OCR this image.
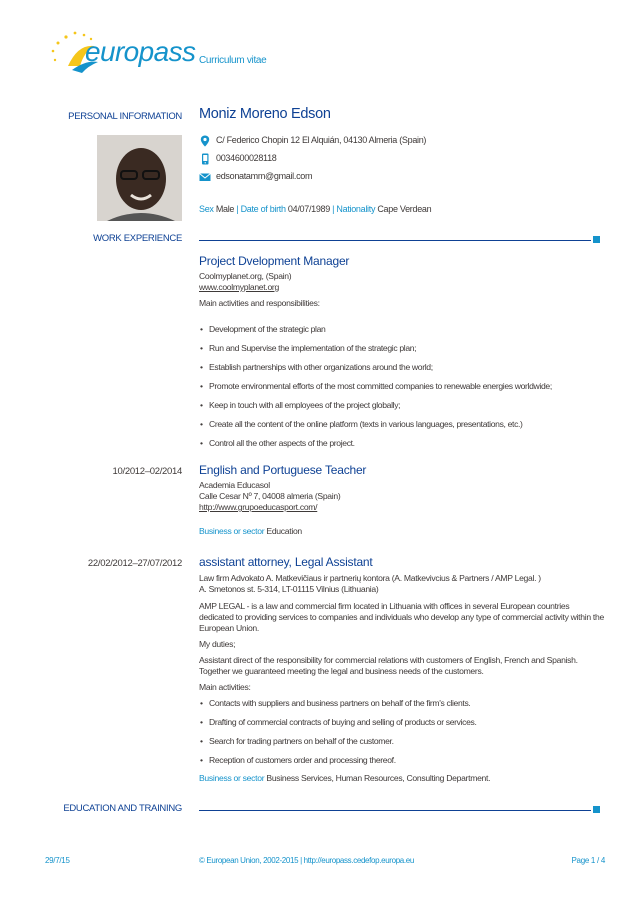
europass Curriculum vitae
PERSONAL INFORMATION Moniz Moreno Edson
C/ Federico Chopin 12 El Alquián, 04130 Almeria (Spain)
0034600028118
edsonatamm@gmail.com
Sex Male | Date of birth 04/07/1989 | Nationality Cape Verdean
WORK EXPERIENCE
Project Dvelopment Manager
Coolmyplanet.org, (Spain)
www.coolmyplanet.org
Main activities and responsibilities:
• Development of the strategic plan
• Run and Supervise the implementation of the strategic plan;
• Establish partnerships with other organizations around the world;
• Promote environmental efforts of the most committed companies to renewable energies worldwide;
• Keep in touch with all employees of the project globally;
• Create all the content of the online platform (texts in various languages, presentations, etc.)
• Control all the other aspects of the project.
10/2012–02/2014 English and Portuguese Teacher
Academia Educasol
Calle Cesar Nº 7, 04008 almeria (Spain)
http://www.grupoeducasport.com/
Business or sector Education
22/02/2012–27/07/2012 assistant attorney, Legal Assistant
Law firm Advokato A. Matkevičiaus ir partnerių kontora (A. Matkevivcius & Partners / AMP Legal. )
A. Smetonos st. 5-314, LT-01115 Vilnius (Lithuania)
AMP LEGAL - is a law and commercial firm located in Lithuania with offices in several European countries dedicated to providing services to companies and individuals who develop any type of commercial activity within the European Union.
My duties;
Assistant direct of the responsibility for commercial relations with customers of English, French and Spanish. Together we guaranteed meeting the legal and business needs of the customers.
Main activities:
• Contacts with suppliers and business partners on behalf of the firm's clients.
• Drafting of commercial contracts of buying and selling of products or services.
• Search for trading partners on behalf of the customer.
• Reception of customers order and processing thereof.
Business or sector Business Services, Human Resources, Consulting Department.
EDUCATION AND TRAINING
29/7/15	© European Union, 2002-2015 | http://europass.cedefop.europa.eu	Page 1 / 4
